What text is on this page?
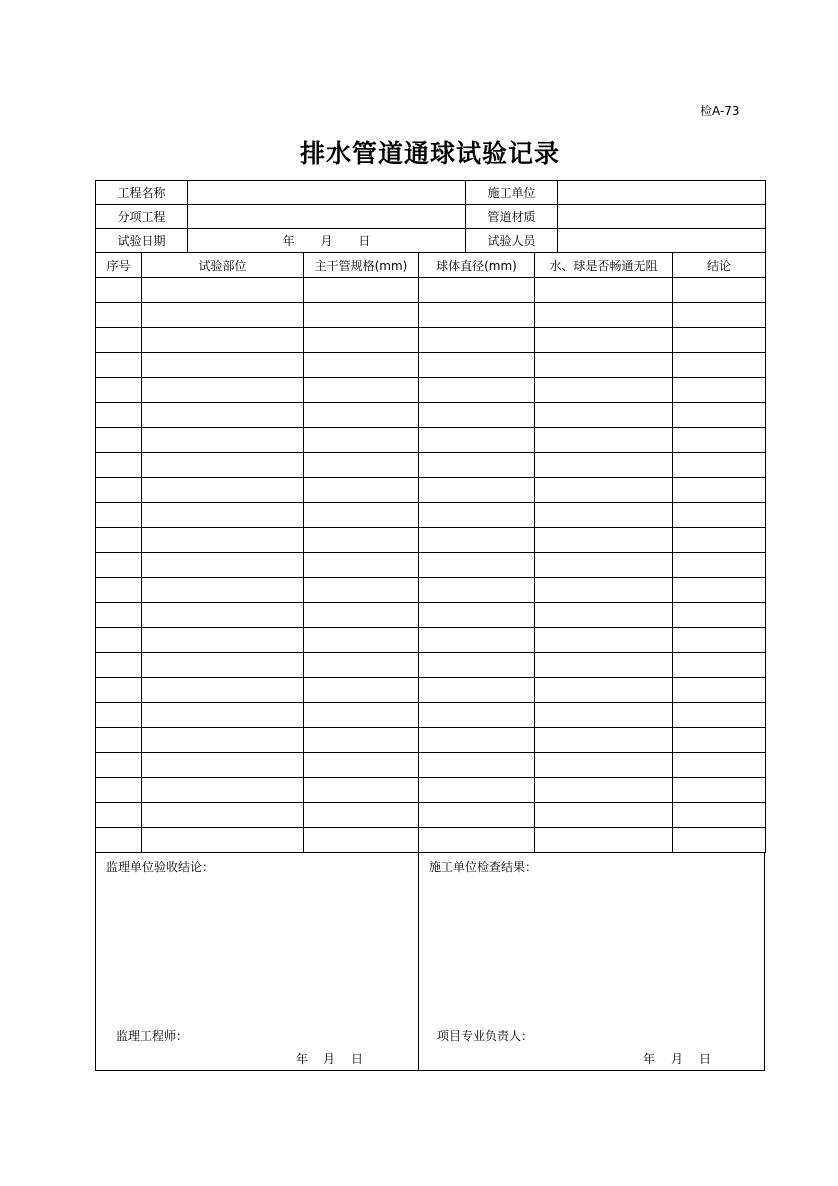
检A-73
排水管道通球试验记录
工程名称		施工单位	
分项工程		管道材质	
试验日期	年 月 日	试验人员	
序号	试验部位	主干管规格(mm)	球体直径(mm)	水、球是否畅通无阻	结论

监理单位验收结论：
监理工程师：
年 月 日
施工单位检查结果：
项目专业负责人：
年 月 日
